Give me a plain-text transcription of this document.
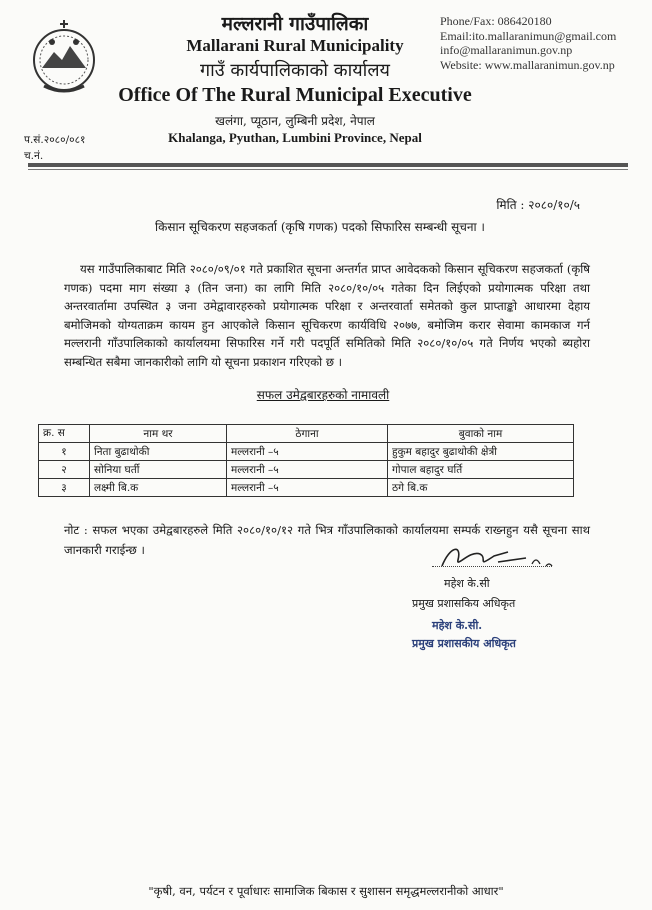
मल्लरानी गाउँपालिका
Mallarani Rural Municipality
गाउँ कार्यपालिकाको कार्यालय
Office Of The Rural Municipal Executive
खलंगा, प्यूठान, लुम्बिनी प्रदेश, नेपाल
Khalanga, Pyuthan, Lumbini Province, Nepal
Phone/Fax: 086420180
Email:ito.mallaranimun@gmail.com
info@mallaranimun.gov.np
Website: www.mallaranimun.gov.np
प.सं.२०८०/०८१
च.नं.
मिति : २०८०/१०/५
किसान सूचिकरण सहजकर्ता (कृषि गणक) पदको सिफारिस सम्बन्धी सूचना ।
यस गाउँपालिकाबाट मिति २०८०/०९/०१ गते प्रकाशित सूचना अन्तर्गत प्राप्त आवेदकको किसान सूचिकरण सहजकर्ता (कृषि गणक) पदमा माग संख्या ३ (तिन जना) का लागि मिति २०८०/१०/०५ गतेका दिन लिईएको प्रयोगात्मक परिक्षा तथा अन्तरवार्तामा उपस्थित ३ जना उमेद्वावारहरुको प्रयोगात्मक परिक्षा र अन्तरवार्ता समेतको कुल प्राप्ताङ्को आधारमा देहाय बमोजिमको योग्यताक्रम कायम हुन आएकोले किसान सूचिकरण कार्यविधि २०७७, बमोजिम करार सेवामा कामकाज गर्न मल्लरानी गाँउपालिकाको कार्यालयमा सिफारिस गर्ने गरी पदपूर्ति समितिको मिति २०८०/१०/०५ गते निर्णय भएको ब्यहोरा सम्बन्धित सबैमा जानकारीको लागि यो सूचना प्रकाशन गरिएको छ ।
सफल उमेद्वबारहरुको नामावली
क्र. स	नाम थर	ठेगाना	बुवाको नाम
१	निता बुढाथोकी	मल्लरानी –५	हुकुम बहादुर बुढाथोकी क्षेत्री
२	सोनिया घर्ती	मल्लरानी –५	गोपाल बहादुर घर्ति
३	लक्ष्मी बि.क	मल्लरानी –५	ठगे बि.क
नोट : सफल भएका उमेद्वबारहरुले मिति २०८०/१०/१२ गते भित्र गाँउपालिकाको कार्यालयमा सम्पर्क राख्नहुन यसै सूचना साथ जानकारी गराईन्छ ।
महेश के.सी
प्रमुख प्रशासकिय अधिकृत
महेश के.सी.
प्रमुख प्रशासकीय अधिकृत
"कृषी, वन, पर्यटन र पूर्वाधारः सामाजिक बिकास र सुशासन समृद्धमल्लरानीको आधार"
